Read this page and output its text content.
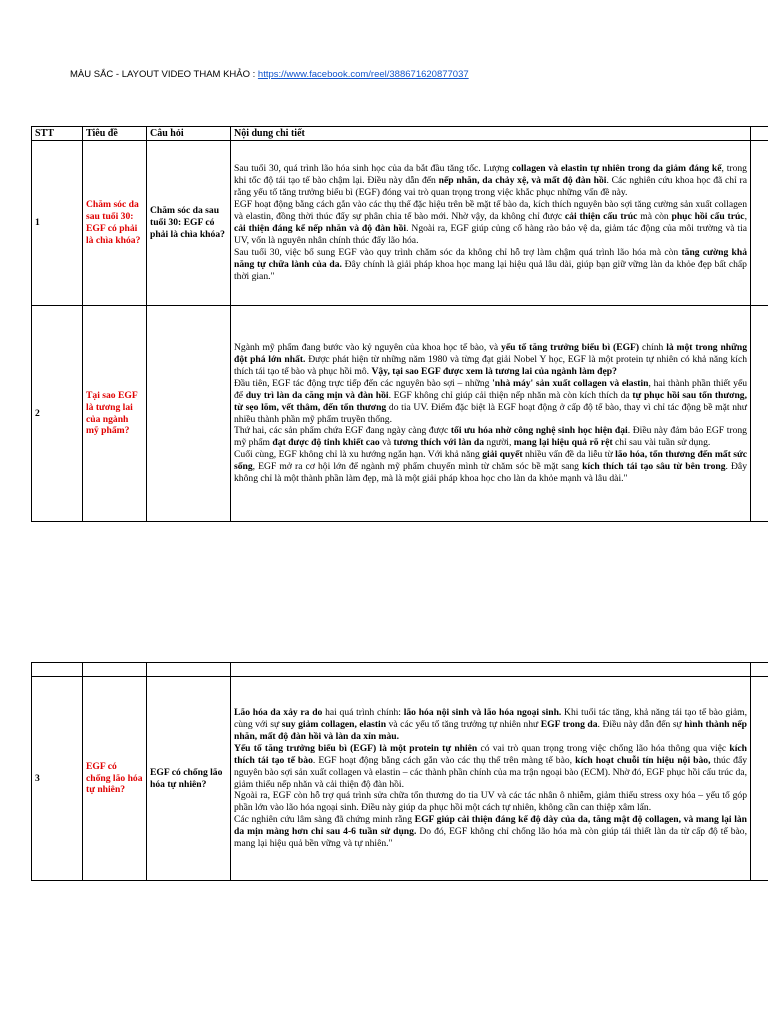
MÀU SẮC - LAYOUT VIDEO THAM KHẢO : https://www.facebook.com/reel/388671620877037
STT	Tiêu đề	Câu hỏi	Nội dung chi tiết	
1	Chăm sóc da sau tuổi 30: EGF có phải là chìa khóa?	Chăm sóc da sau tuổi 30: EGF có phải là chìa khóa?	Sau tuổi 30, quá trình lão hóa sinh học của da bắt đầu tăng tốc. Lượng collagen và elastin tự nhiên trong da giảm đáng kể, trong khi tốc độ tái tạo tế bào chậm lại. Điều này dẫn đến nếp nhăn, da chảy xệ, và mất độ đàn hồi. Các nghiên cứu khoa học đã chỉ ra rằng yếu tố tăng trưởng biểu bì (EGF) đóng vai trò quan trọng trong việc khắc phục những vấn đề này.

EGF hoạt động bằng cách gắn vào các thụ thể đặc hiệu trên bề mặt tế bào da, kích thích nguyên bào sợi tăng cường sản xuất collagen và elastin, đồng thời thúc đẩy sự phân chia tế bào mới. Nhờ vậy, da không chỉ được cải thiện cấu trúc mà còn phục hồi cấu trúc, cải thiện đáng kể nếp nhăn và độ đàn hồi. Ngoài ra, EGF giúp củng cố hàng rào bảo vệ da, giảm tác động của môi trường và tia UV, vốn là nguyên nhân chính thúc đẩy lão hóa.

Sau tuổi 30, việc bổ sung EGF vào quy trình chăm sóc da không chỉ hỗ trợ làm chậm quá trình lão hóa mà còn tăng cường khả năng tự chữa lành của da. Đây chính là giải pháp khoa học mang lại hiệu quả lâu dài, giúp bạn giữ vững làn da khỏe đẹp bất chấp thời gian."	

2	Tại sao EGF là tương lai của ngành mỹ phẩm?		Ngành mỹ phẩm đang bước vào kỷ nguyên của khoa học tế bào, và yếu tố tăng trưởng biểu bì (EGF) chính là một trong những đột phá lớn nhất. Được phát hiện từ những năm 1980 và từng đạt giải Nobel Y học, EGF là một protein tự nhiên có khả năng kích thích tái tạo tế bào và phục hồi mô. Vậy, tại sao EGF được xem là tương lai của ngành làm đẹp?

Đầu tiên, EGF tác động trực tiếp đến các nguyên bào sợi – những 'nhà máy' sản xuất collagen và elastin, hai thành phần thiết yếu để duy trì làn da căng mịn và đàn hồi. EGF không chỉ giúp cải thiện nếp nhăn mà còn kích thích da tự phục hồi sau tổn thương, từ sẹo lõm, vết thâm, đến tổn thương do tia UV. Điểm đặc biệt là EGF hoạt động ở cấp độ tế bào, thay vì chỉ tác động bề mặt như nhiều thành phần mỹ phẩm truyền thống.

Thứ hai, các sản phẩm chứa EGF đang ngày càng được tối ưu hóa nhờ công nghệ sinh học hiện đại. Điều này đảm bảo EGF trong mỹ phẩm đạt được độ tinh khiết cao và tương thích với làn da người, mang lại hiệu quả rõ rệt chỉ sau vài tuần sử dụng.

Cuối cùng, EGF không chỉ là xu hướng ngắn hạn. Với khả năng giải quyết nhiều vấn đề da liễu từ lão hóa, tổn thương đến mất sức sống, EGF mở ra cơ hội lớn để ngành mỹ phẩm chuyển mình từ chăm sóc bề mặt sang kích thích tái tạo sâu từ bên trong. Đây không chỉ là một thành phần làm đẹp, mà là một giải pháp khoa học cho làn da khỏe mạnh và lâu dài."	

3	EGF có chống lão hóa tự nhiên?	EGF có chống lão hóa tự nhiên?	Lão hóa da xảy ra do hai quá trình chính: lão hóa nội sinh và lão hóa ngoại sinh. Khi tuổi tác tăng, khả năng tái tạo tế bào giảm, cùng với sự suy giảm collagen, elastin và các yếu tố tăng trưởng tự nhiên như EGF trong da. Điều này dẫn đến sự hình thành nếp nhăn, mất độ đàn hồi và làn da xỉn màu.

Yếu tố tăng trưởng biểu bì (EGF) là một protein tự nhiên có vai trò quan trọng trong việc chống lão hóa thông qua việc kích thích tái tạo tế bào. EGF hoạt động bằng cách gắn vào các thụ thể trên màng tế bào, kích hoạt chuỗi tín hiệu nội bào, thúc đẩy nguyên bào sợi sản xuất collagen và elastin – các thành phần chính của ma trận ngoại bào (ECM). Nhờ đó, EGF phục hồi cấu trúc da, giảm thiểu nếp nhăn và cải thiện độ đàn hồi.

Ngoài ra, EGF còn hỗ trợ quá trình sửa chữa tổn thương do tia UV và các tác nhân ô nhiễm, giảm thiểu stress oxy hóa – yếu tố góp phần lớn vào lão hóa ngoại sinh. Điều này giúp da phục hồi một cách tự nhiên, không cần can thiệp xâm lấn.

Các nghiên cứu lâm sàng đã chứng minh rằng EGF giúp cải thiện đáng kể độ dày của da, tăng mật độ collagen, và mang lại làn da mịn màng hơn chỉ sau 4-6 tuần sử dụng. Do đó, EGF không chỉ chống lão hóa mà còn giúp tái thiết làn da từ cấp độ tế bào, mang lại hiệu quả bền vững và tự nhiên."	
